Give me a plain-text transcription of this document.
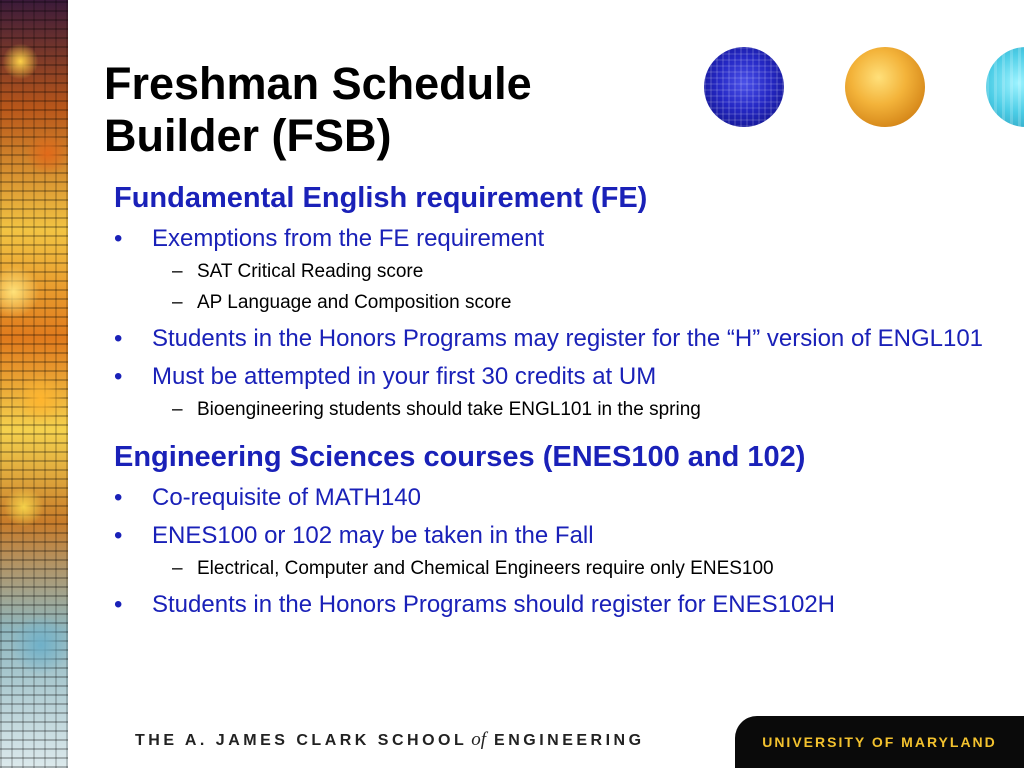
Freshman Schedule
Builder (FSB)
Fundamental English requirement (FE)
•	Exemptions from the FE requirement
– SAT Critical Reading score
– AP Language and Composition score
•	Students in the Honors Programs may register for the “H” version of ENGL101
•	Must be attempted in your first 30 credits at UM
– Bioengineering students should take ENGL101 in the spring
Engineering Sciences courses (ENES100 and 102)
•	Co-requisite of MATH140
•	ENES100 or 102 may be taken in the Fall
– Electrical, Computer and Chemical Engineers require only ENES100
•	Students in the Honors Programs should register for ENES102H
THE A. JAMES CLARK SCHOOL of ENGINEERING	UNIVERSITY OF MARYLAND
